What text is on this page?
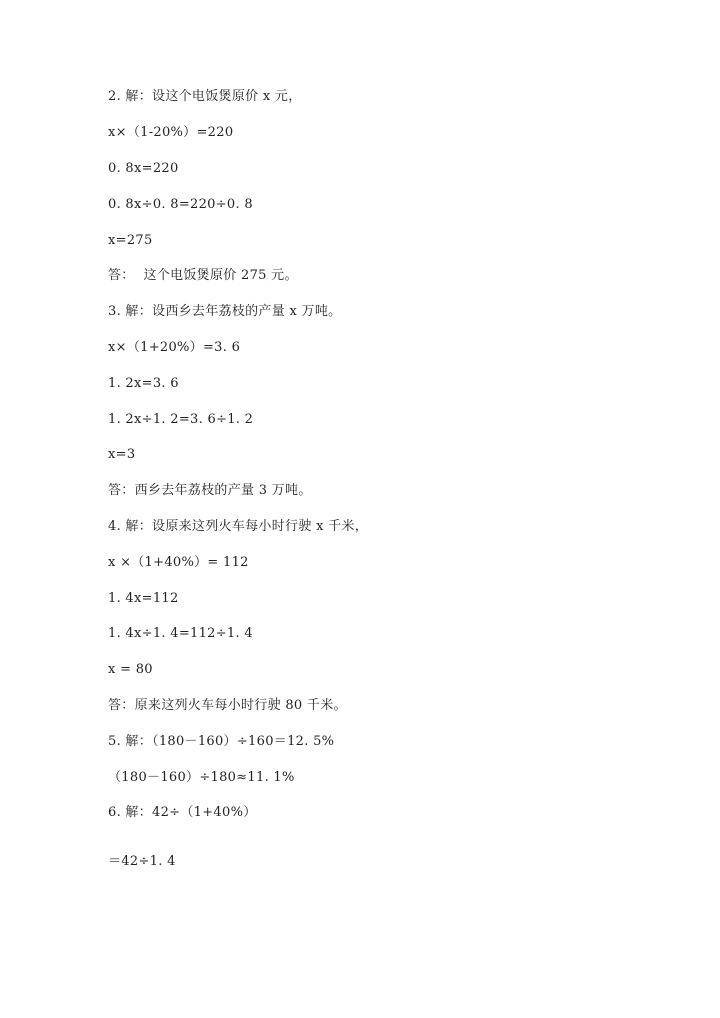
2. 解：设这个电饭煲原价 x 元，
x×（1-20%）=220
0. 8x=220
0. 8x÷0. 8=220÷0. 8
x=275
答：  这个电饭煲原价 275 元。
3. 解：设西乡去年荔枝的产量 x 万吨。
x×（1+20%）=3. 6
1. 2x=3. 6
1. 2x÷1. 2=3. 6÷1. 2
x=3
答：西乡去年荔枝的产量 3 万吨。
4. 解：设原来这列火车每小时行驶 x 千米，
x ×（1+40%）= 112
1. 4x=112
1. 4x÷1. 4=112÷1. 4
x = 80
答：原来这列火车每小时行驶 80 千米。
5. 解：（180－160）÷160＝12. 5%
（180－160）÷180≈11. 1%
6. 解：42÷（1+40%）
＝42÷1. 4
